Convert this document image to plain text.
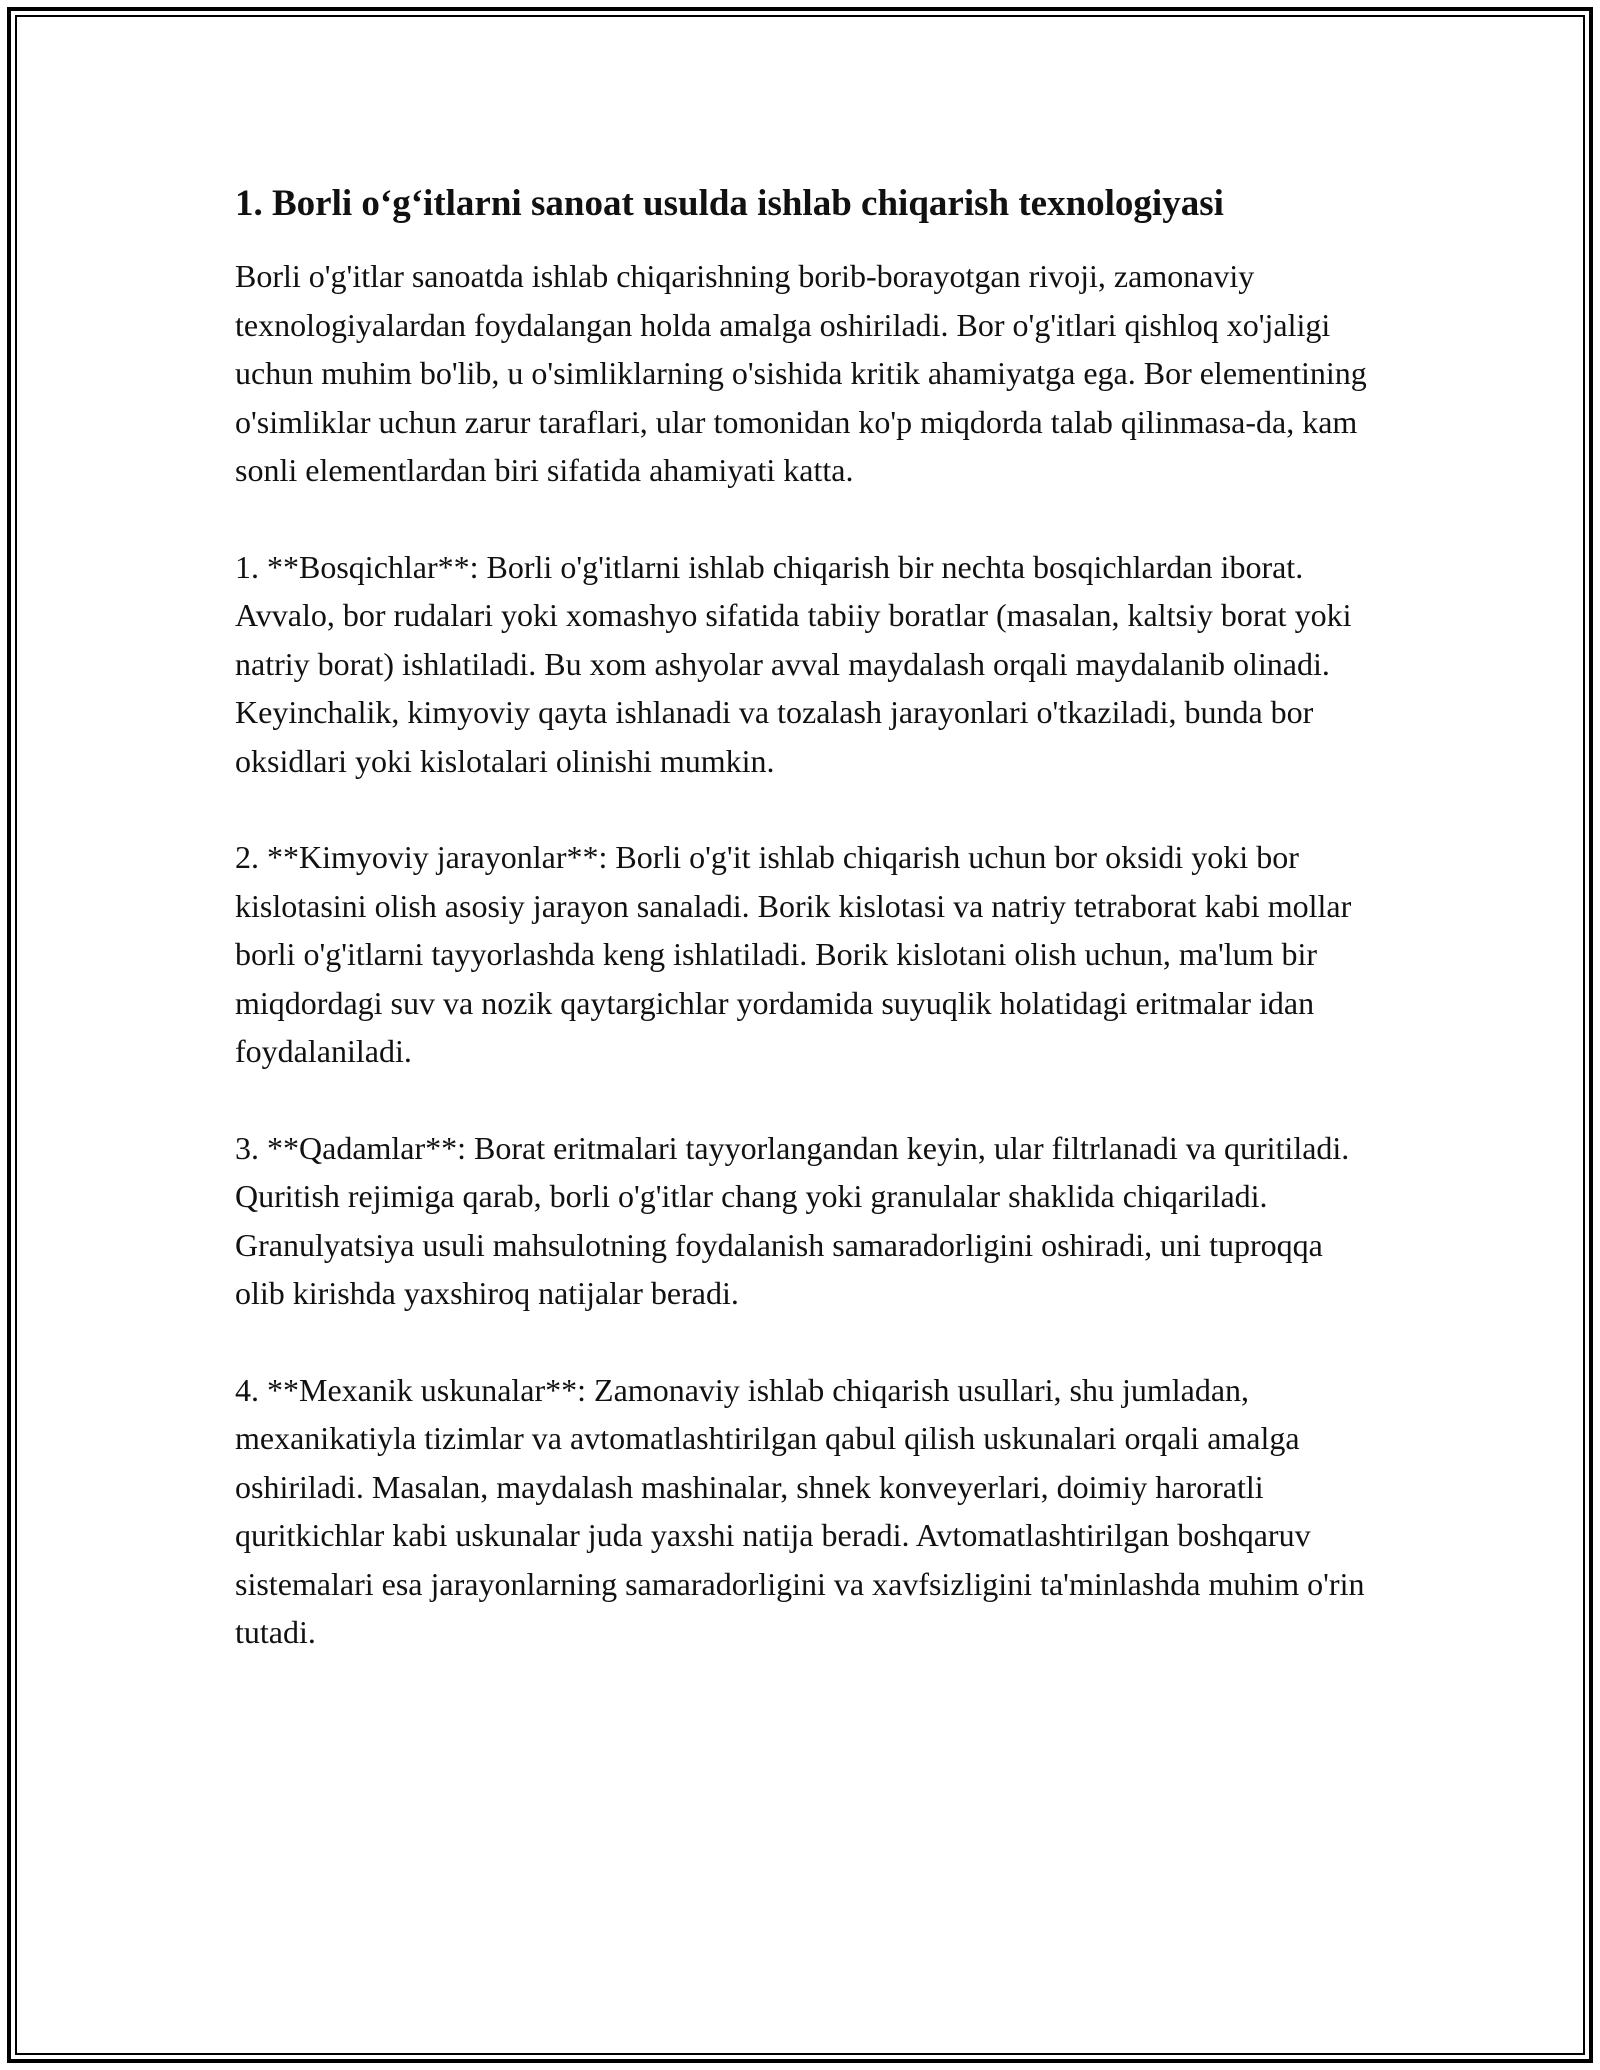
1. Borli o‘g‘itlarni sanoat usulda ishlab chiqarish texnologiyasi

Borli o'g'itlar sanoatda ishlab chiqarishning borib-borayotgan rivoji, zamonaviy texnologiyalardan foydalangan holda amalga oshiriladi. Bor o'g'itlari qishloq xo'jaligi uchun muhim bo'lib, u o'simliklarning o'sishida kritik ahamiyatga ega. Bor elementining o'simliklar uchun zarur taraflari, ular tomonidan ko'p miqdorda talab qilinmasa-da, kam sonli elementlardan biri sifatida ahamiyati katta.

1. **Bosqichlar**: Borli o'g'itlarni ishlab chiqarish bir nechta bosqichlardan iborat. Avvalo, bor rudalari yoki xomashyo sifatida tabiiy boratlar (masalan, kaltsiy borat yoki natriy borat) ishlatiladi. Bu xom ashyolar avval maydalash orqali maydalanib olinadi. Keyinchalik, kimyoviy qayta ishlanadi va tozalash jarayonlari o'tkaziladi, bunda bor oksidlari yoki kislotalari olinishi mumkin.

2. **Kimyoviy jarayonlar**: Borli o'g'it ishlab chiqarish uchun bor oksidi yoki bor kislotasini olish asosiy jarayon sanaladi. Borik kislotasi va natriy tetraborat kabi mollar borli o'g'itlarni tayyorlashda keng ishlatiladi. Borik kislotani olish uchun, ma'lum bir miqdordagi suv va nozik qaytargichlar yordamida suyuqlik holatidagi eritmalar idan foydalaniladi.

3. **Qadamlar**: Borat eritmalari tayyorlangandan keyin, ular filtrlanadi va quritiladi. Quritish rejimiga qarab, borli o'g'itlar chang yoki granulalar shaklida chiqariladi. Granulyatsiya usuli mahsulotning foydalanish samaradorligini oshiradi, uni tuproqqa olib kirishda yaxshiroq natijalar beradi.

4. **Mexanik uskunalar**: Zamonaviy ishlab chiqarish usullari, shu jumladan, mexanikatiyla tizimlar va avtomatlashtirilgan qabul qilish uskunalari orqali amalga oshiriladi. Masalan, maydalash mashinalar, shnek konveyerlari, doimiy haroratli quritkichlar kabi uskunalar juda yaxshi natija beradi. Avtomatlashtirilgan boshqaruv sistemalari esa jarayonlarning samaradorligini va xavfsizligini ta'minlashda muhim o'rin tutadi.
